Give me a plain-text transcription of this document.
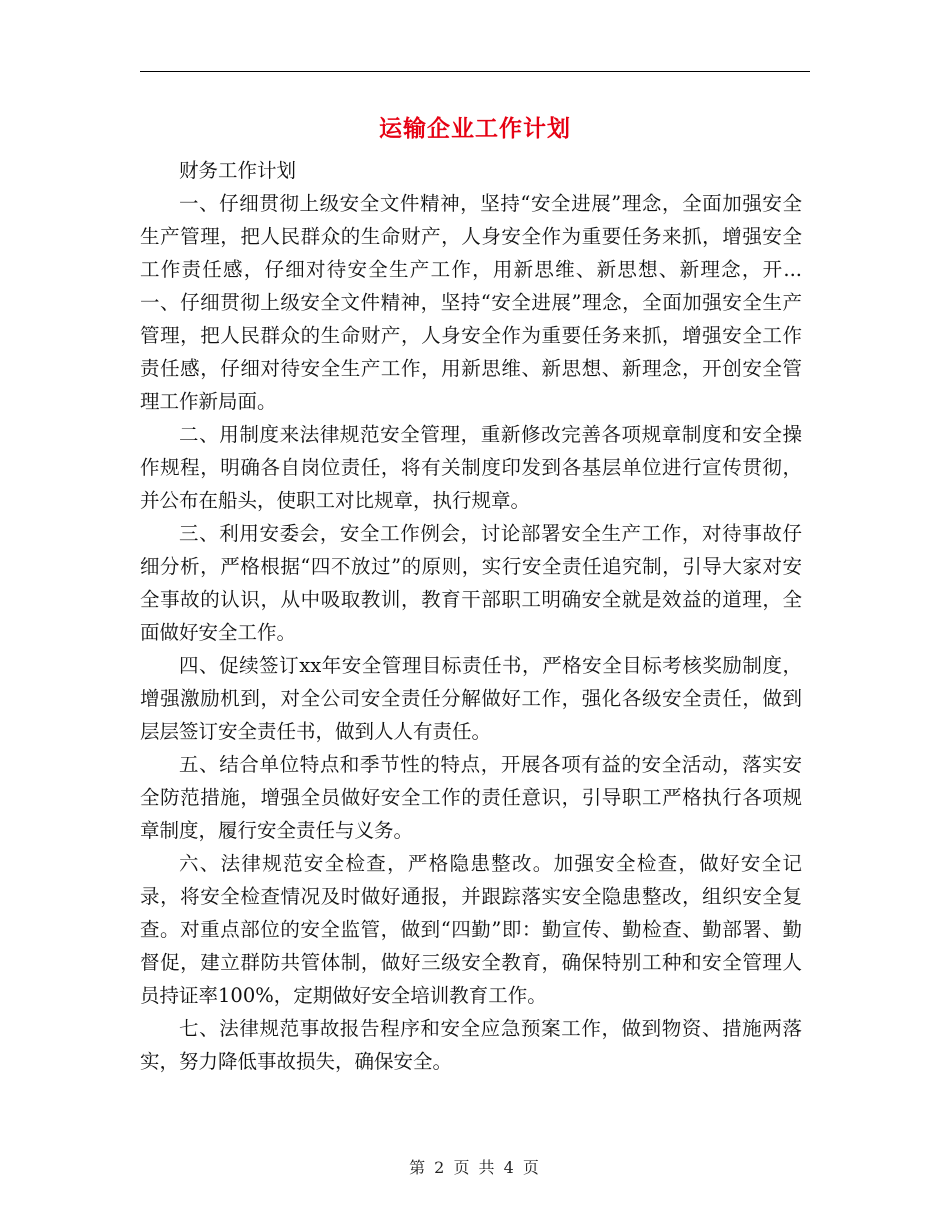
运输企业工作计划

财务工作计划

一、仔细贯彻上级安全文件精神，坚持“安全进展”理念，全面加强安全生产管理，把人民群众的生命财产，人身安全作为重要任务来抓，增强安全工作责任感，仔细对待安全生产工作，用新思维、新思想、新理念，开...一、仔细贯彻上级安全文件精神，坚持“安全进展”理念，全面加强安全生产管理，把人民群众的生命财产，人身安全作为重要任务来抓，增强安全工作责任感，仔细对待安全生产工作，用新思维、新思想、新理念，开创安全管理工作新局面。

二、用制度来法律规范安全管理，重新修改完善各项规章制度和安全操作规程，明确各自岗位责任，将有关制度印发到各基层单位进行宣传贯彻，并公布在船头，使职工对比规章，执行规章。

三、利用安委会，安全工作例会，讨论部署安全生产工作，对待事故仔细分析，严格根据“四不放过”的原则，实行安全责任追究制，引导大家对安全事故的认识，从中吸取教训，教育干部职工明确安全就是效益的道理，全面做好安全工作。

四、促续签订xx年安全管理目标责任书，严格安全目标考核奖励制度，增强激励机到，对全公司安全责任分解做好工作，强化各级安全责任，做到层层签订安全责任书，做到人人有责任。

五、结合单位特点和季节性的特点，开展各项有益的安全活动，落实安全防范措施，增强全员做好安全工作的责任意识，引导职工严格执行各项规章制度，履行安全责任与义务。

六、法律规范安全检查，严格隐患整改。加强安全检查，做好安全记录，将安全检查情况及时做好通报，并跟踪落实安全隐患整改，组织安全复查。对重点部位的安全监管，做到“四勤”即：勤宣传、勤检查、勤部署、勤督促，建立群防共管体制，做好三级安全教育，确保特别工种和安全管理人员持证率100%，定期做好安全培训教育工作。

七、法律规范事故报告程序和安全应急预案工作，做到物资、措施两落实，努力降低事故损失，确保安全。

第 2 页 共 4 页
